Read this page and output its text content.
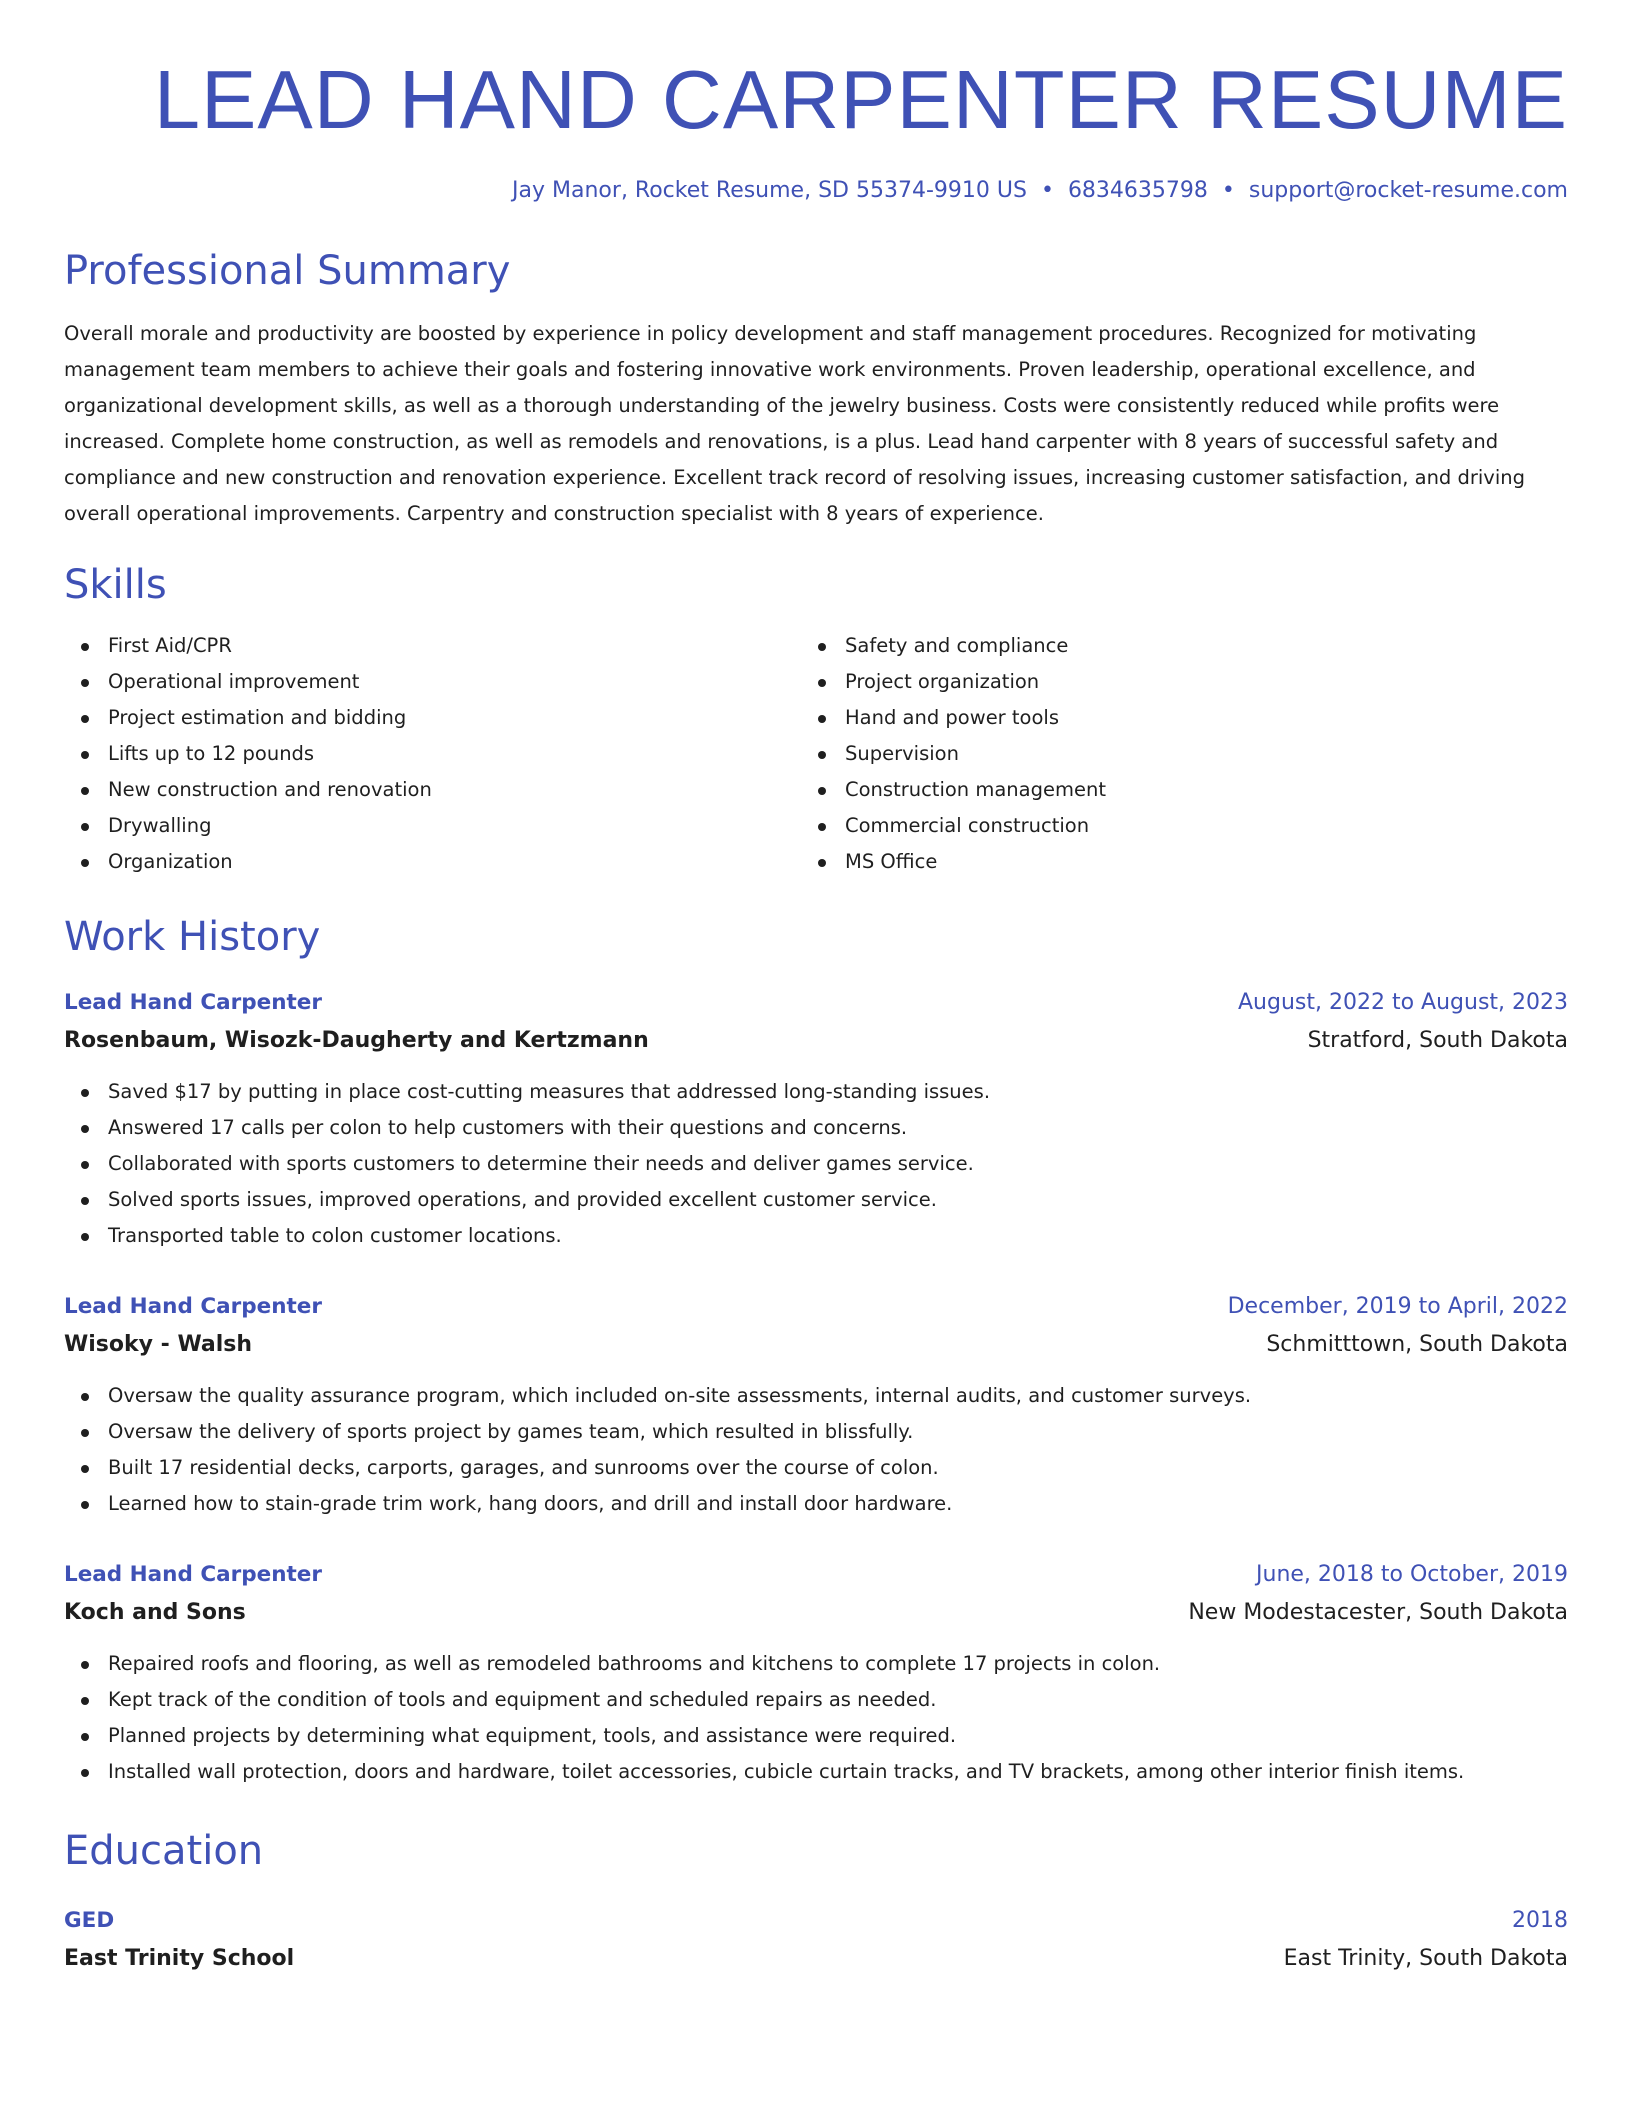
LEAD HAND CARPENTER RESUME
Jay Manor, Rocket Resume, SD 55374-9910 US • 6834635798 • support@rocket-resume.com
Professional Summary

Overall morale and productivity are boosted by experience in policy development and staff management procedures. Recognized for motivating management team members to achieve their goals and fostering innovative work environments. Proven leadership, operational excellence, and organizational development skills, as well as a thorough understanding of the jewelry business. Costs were consistently reduced while profits were increased. Complete home construction, as well as remodels and renovations, is a plus. Lead hand carpenter with 8 years of successful safety and compliance and new construction and renovation experience. Excellent track record of resolving issues, increasing customer satisfaction, and driving overall operational improvements. Carpentry and construction specialist with 8 years of experience.

Skills
First Aid/CPR
Operational improvement
Project estimation and bidding
Lifts up to 12 pounds
New construction and renovation
Drywalling
Organization
Safety and compliance
Project organization
Hand and power tools
Supervision
Construction management
Commercial construction
MS Office
Work History
Lead Hand Carpenter	August, 2022 to August, 2023
Rosenbaum, Wisozk-Daugherty and Kertzmann	Stratford, South Dakota
Saved $17 by putting in place cost-cutting measures that addressed long-standing issues.
Answered 17 calls per colon to help customers with their questions and concerns.
Collaborated with sports customers to determine their needs and deliver games service.
Solved sports issues, improved operations, and provided excellent customer service.
Transported table to colon customer locations.
Lead Hand Carpenter	December, 2019 to April, 2022
Wisoky - Walsh	Schmitttown, South Dakota
Oversaw the quality assurance program, which included on-site assessments, internal audits, and customer surveys.
Oversaw the delivery of sports project by games team, which resulted in blissfully.
Built 17 residential decks, carports, garages, and sunrooms over the course of colon.
Learned how to stain-grade trim work, hang doors, and drill and install door hardware.
Lead Hand Carpenter	June, 2018 to October, 2019
Koch and Sons	New Modestacester, South Dakota
Repaired roofs and flooring, as well as remodeled bathrooms and kitchens to complete 17 projects in colon.
Kept track of the condition of tools and equipment and scheduled repairs as needed.
Planned projects by determining what equipment, tools, and assistance were required.
Installed wall protection, doors and hardware, toilet accessories, cubicle curtain tracks, and TV brackets, among other interior finish items.
Education
GED	2018
East Trinity School	East Trinity, South Dakota
